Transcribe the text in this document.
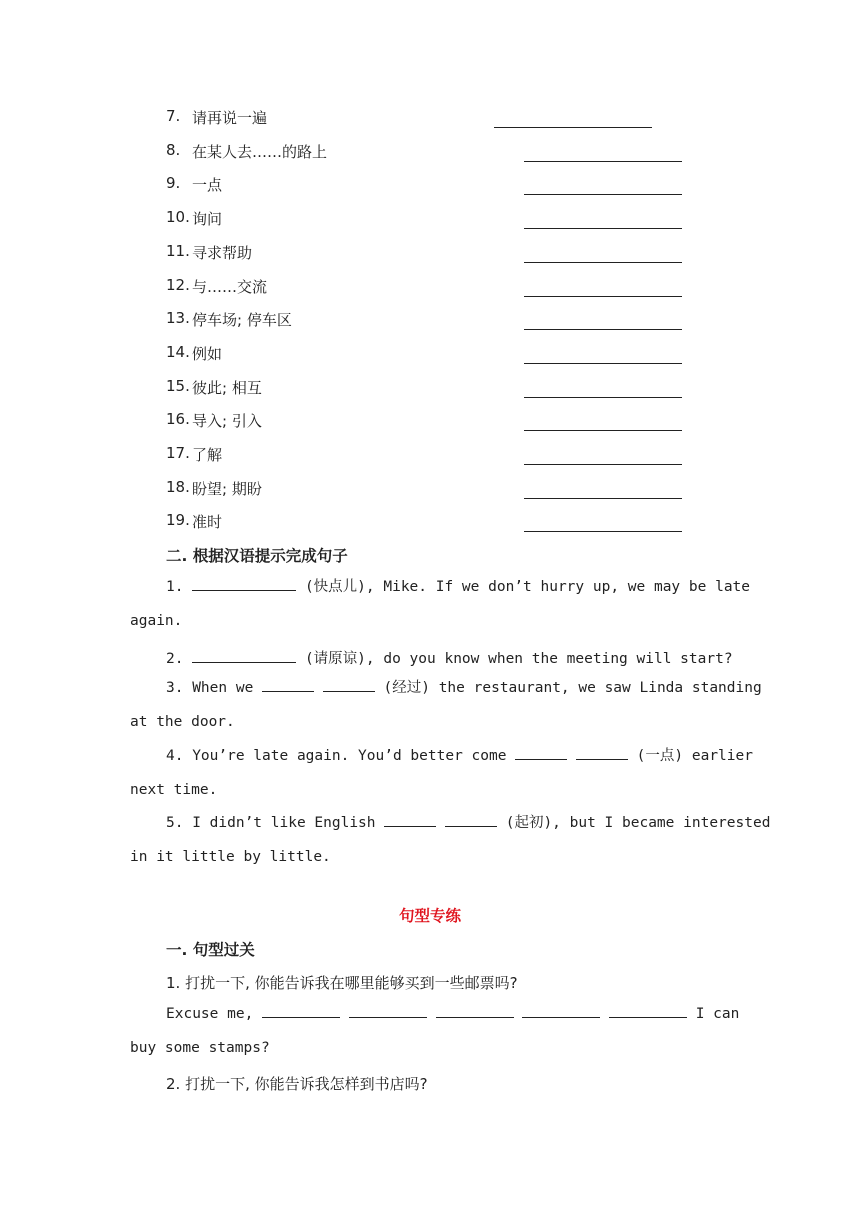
7. 请再说一遍
8. 在某人去……的路上
9. 一点
10. 询问
11. 寻求帮助
12. 与……交流
13. 停车场; 停车区
14. 例如
15. 彼此; 相互
16. 导入; 引入
17. 了解
18. 盼望; 期盼
19. 准时
二. 根据汉语提示完成句子
1.	(快点儿), Mike. If we don’t hurry up, we may be late
again.
2.	(请原谅), do you know when the meeting will start?
3. When we	(经过) the restaurant, we saw Linda standing
at the door.
4. You’re late again. You’d better come	(一点) earlier
next time.
5. I didn’t like English	(起初), but I became interested
in it little by little.
句型专练
一. 句型过关
1. 打扰一下, 你能告诉我在哪里能够买到一些邮票吗?
Excuse me,	I can
buy some stamps?
2. 打扰一下, 你能告诉我怎样到书店吗?
